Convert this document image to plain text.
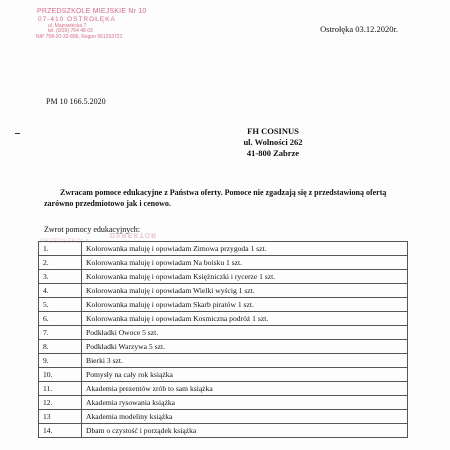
PRZEDSZKOLE MIEJSKIE Nr 10
07-410 OSTROŁĘKA
ul. Mazowiecka 7
tel. (0/29) 764 48 03
NIP 758-20-32-896, Regon 561263721
Ostrołęka 03.12.2020r.
PM 10 166.5.2020
FH COSINUS
ul. Wolności 262
41-800 Zabrze
Zwracam pomoce edukacyjne z Państwa oferty. Pomoce nie zgadzają się z przedstawioną ofertą zarówno przedmiotowo jak i cenowo.
Zwrot pomocy edukacyjnych:
DYREKTOR
PRZEDSZKOLA
1.	Kolorowanka maluję i opowiadam Zimowa przygoda 1 szt.
2.	Kolorowanka maluję i opowiadam Na boisku 1 szt.
3.	Kolorowanka maluję i opowiadam Księżniczki i rycerze 1 szt.
4.	Kolorowanka maluję i opowiadam Wielki wyścig 1 szt.
5.	Kolorowanka maluję i opowiadam Skarb piratów 1 szt.
6.	Kolorowanka maluję i opowiadam Kosmiczna podróż 1 szt.
7.	Podkładki Owoce 5 szt.
8.	Podkładki Warzywa 5 szt.
9.	Bierki 3 szt.
10.	Pomysły na cały rok książka
11.	Akademia prezentów zrób to sam książka
12.	Akademia rysowania książka
13	Akademia modeliny książka
14.	Dbam o czystość i porządek książka
